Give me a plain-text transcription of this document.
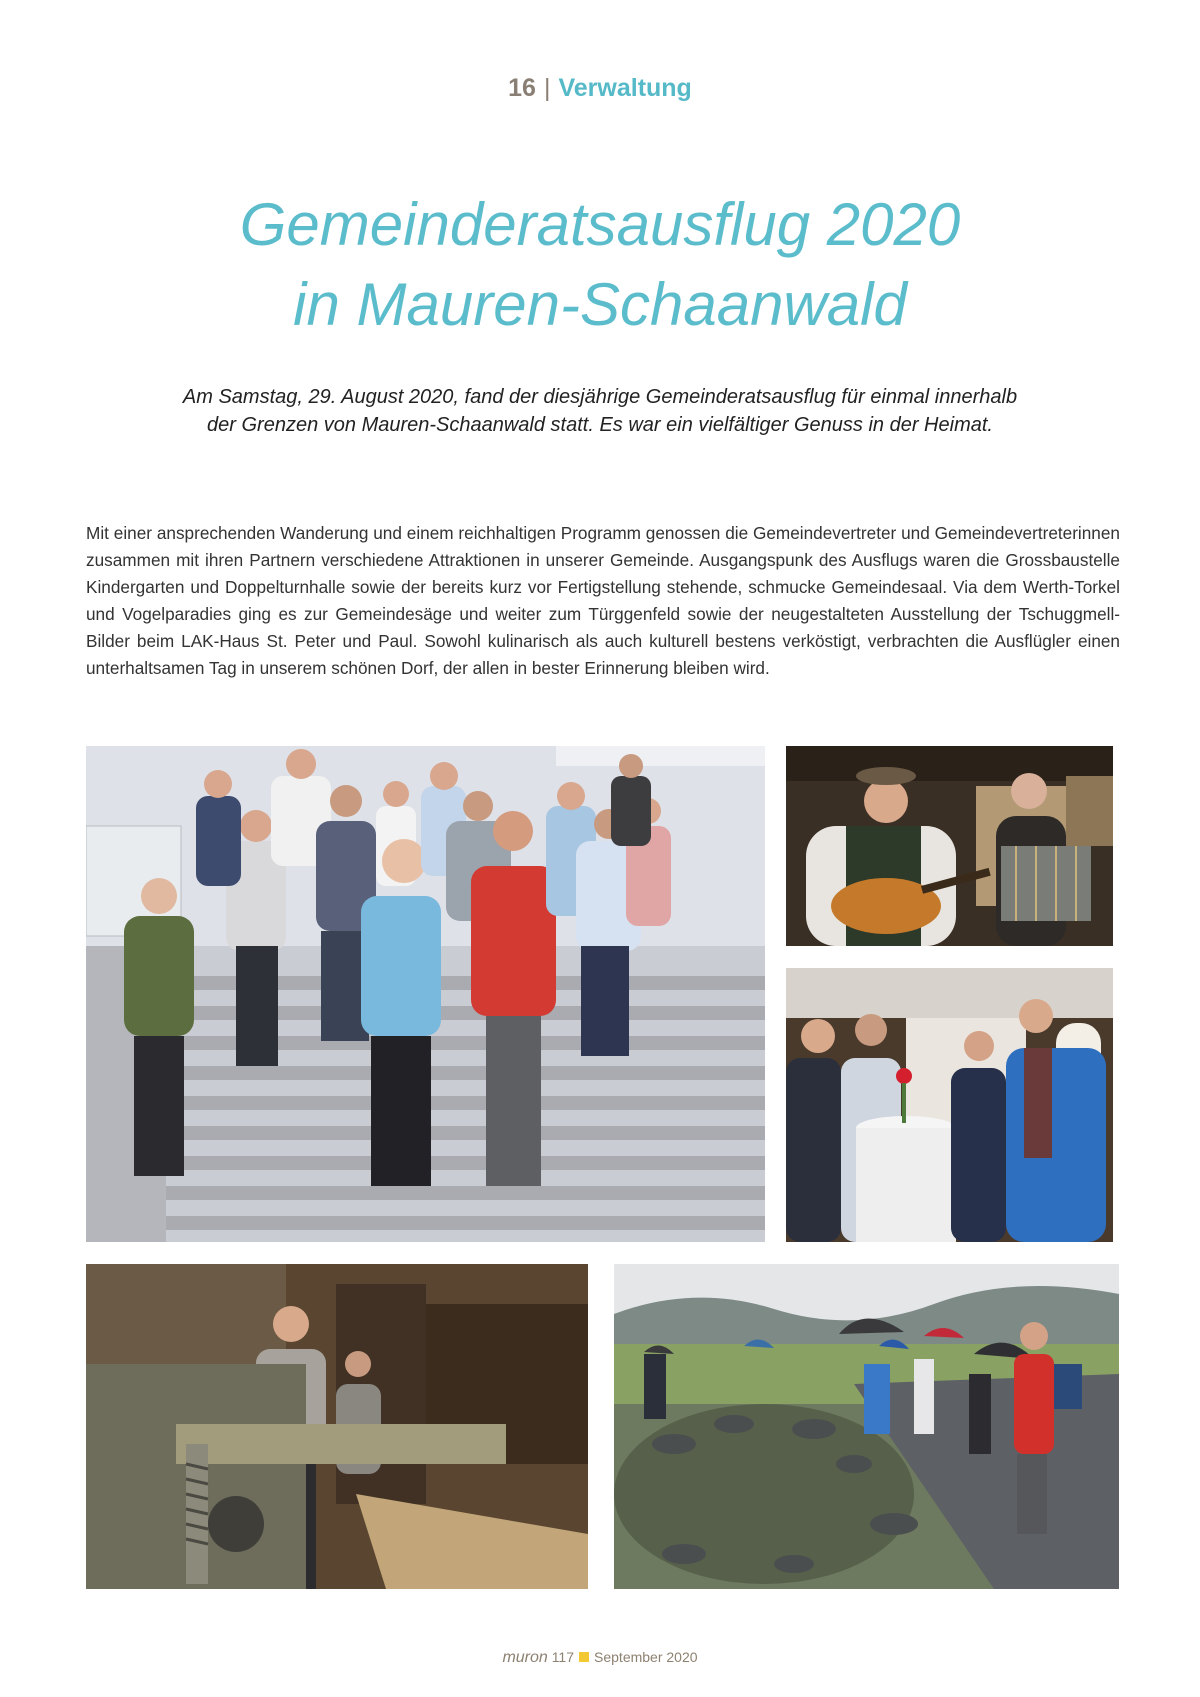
16 | Verwaltung
Gemeinderatsausflug 2020
in Mauren-Schaanwald
Am Samstag, 29. August 2020, fand der diesjährige Gemeinderatsausflug für einmal innerhalb
der Grenzen von Mauren-Schaanwald statt. Es war ein vielfältiger Genuss in der Heimat.
Mit einer ansprechenden Wanderung und einem reichhaltigen Programm genossen die Gemeindevertreter und Gemeindevertreterinnen zusammen mit ihren Partnern verschiedene Attraktionen in unserer Gemeinde. Ausgangspunk des Ausflugs waren die Grossbaustelle Kindergarten und Doppelturnhalle sowie der bereits kurz vor Fertigstellung stehende, schmucke Gemeindesaal. Via dem Werth-Torkel und Vogelparadies ging es zur Gemeindesäge und weiter zum Türggenfeld sowie der neugestalteten Ausstellung der Tschuggmell-Bilder beim LAK-Haus St. Peter und Paul. Sowohl kulinarisch als auch kulturell bestens verköstigt, verbrachten die Ausflügler einen unterhaltsamen Tag in unserem schönen Dorf, der allen in bester Erinnerung bleiben wird.
muron 117 September 2020
